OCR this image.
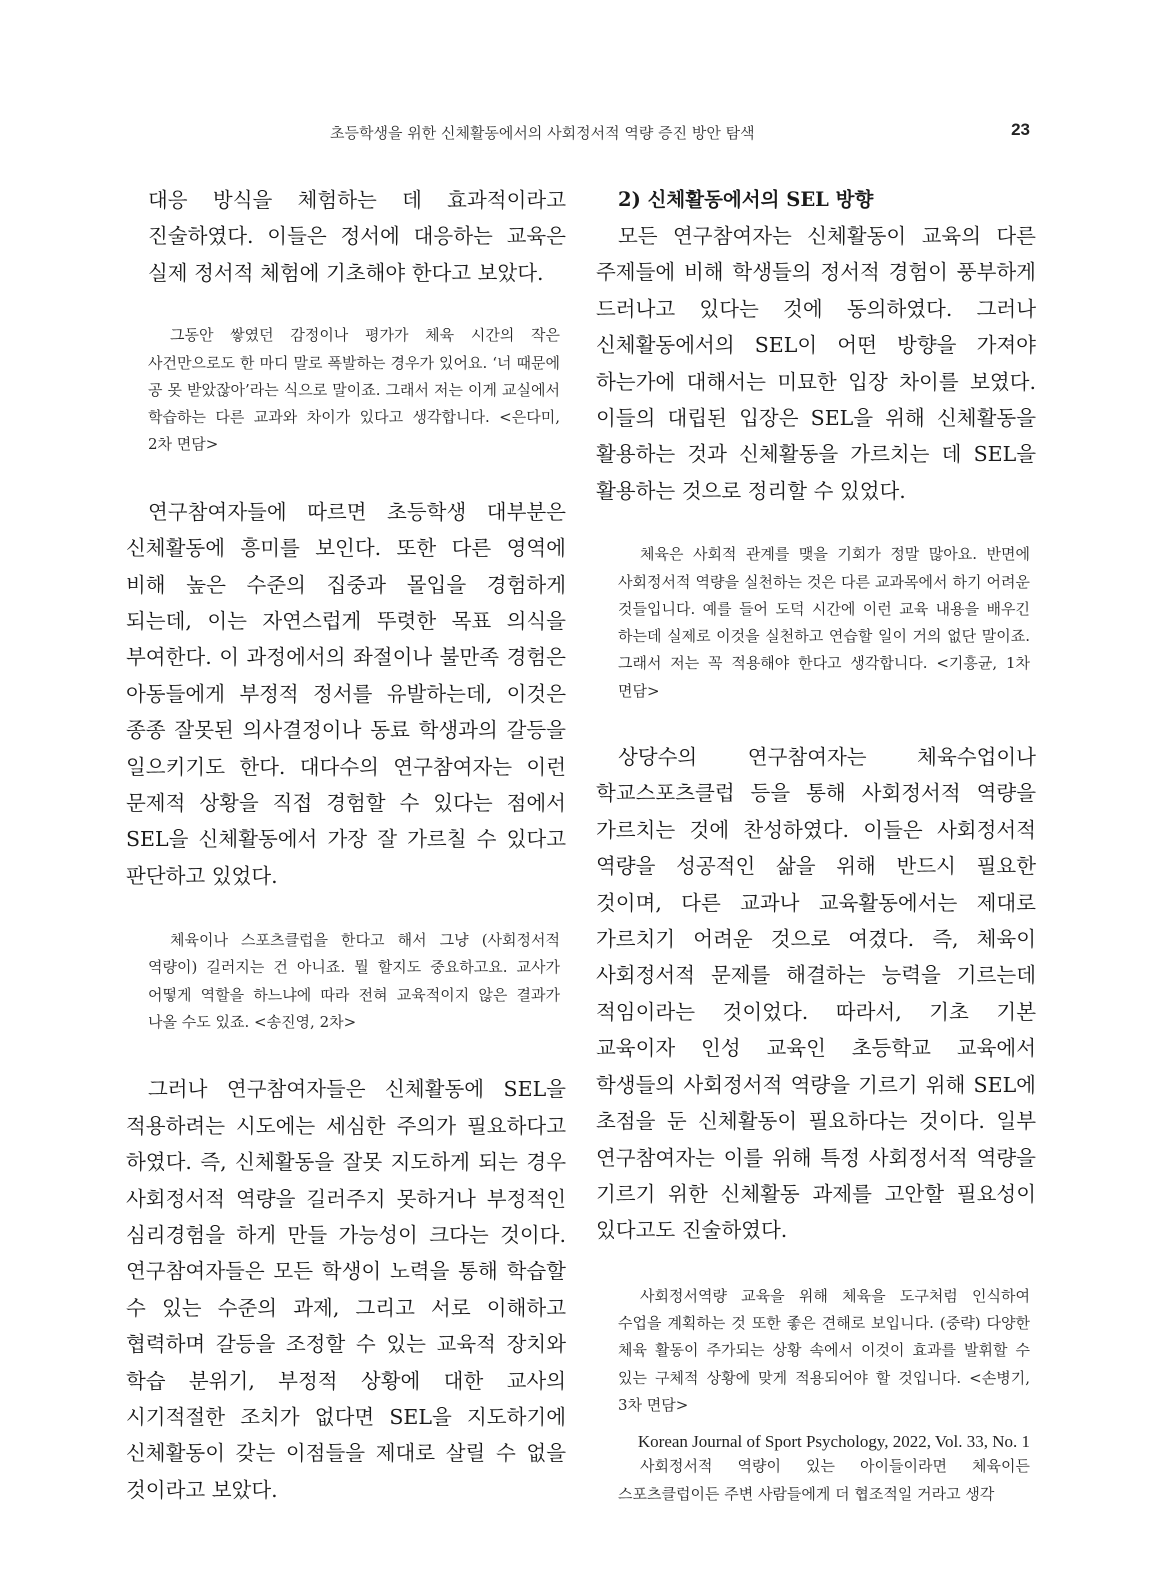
초등학생을 위한 신체활동에서의 사회정서적 역량 증진 방안 탐색	23

대응 방식을 체험하는 데 효과적이라고 진술하였다. 이들은 정서에 대응하는 교육은 실제 정서적 체험에 기초해야 한다고 보았다.

그동안 쌓였던 감정이나 평가가 체육 시간의 작은 사건만으로도 한 마디 말로 폭발하는 경우가 있어요. ‘너 때문에 공 못 받았잖아’라는 식으로 말이죠. 그래서 저는 이게 교실에서 학습하는 다른 교과와 차이가 있다고 생각합니다. <은다미, 2차 면담>

연구참여자들에 따르면 초등학생 대부분은 신체활동에 흥미를 보인다. 또한 다른 영역에 비해 높은 수준의 집중과 몰입을 경험하게 되는데, 이는 자연스럽게 뚜렷한 목표 의식을 부여한다. 이 과정에서의 좌절이나 불만족 경험은 아동들에게 부정적 정서를 유발하는데, 이것은 종종 잘못된 의사결정이나 동료 학생과의 갈등을 일으키기도 한다. 대다수의 연구참여자는 이런 문제적 상황을 직접 경험할 수 있다는 점에서 SEL을 신체활동에서 가장 잘 가르칠 수 있다고 판단하고 있었다.

체육이나 스포츠클럽을 한다고 해서 그냥 (사회정서적 역량이) 길러지는 건 아니죠. 뭘 할지도 중요하고요. 교사가 어떻게 역할을 하느냐에 따라 전혀 교육적이지 않은 결과가 나올 수도 있죠. <송진영, 2차>

그러나 연구참여자들은 신체활동에 SEL을 적용하려는 시도에는 세심한 주의가 필요하다고 하였다. 즉, 신체활동을 잘못 지도하게 되는 경우 사회정서적 역량을 길러주지 못하거나 부정적인 심리경험을 하게 만들 가능성이 크다는 것이다. 연구참여자들은 모든 학생이 노력을 통해 학습할 수 있는 수준의 과제, 그리고 서로 이해하고 협력하며 갈등을 조정할 수 있는 교육적 장치와 학습 분위기, 부정적 상황에 대한 교사의 시기적절한 조치가 없다면 SEL을 지도하기에 신체활동이 갖는 이점들을 제대로 살릴 수 없을 것이라고 보았다.

2) 신체활동에서의 SEL 방향

모든 연구참여자는 신체활동이 교육의 다른 주제들에 비해 학생들의 정서적 경험이 풍부하게 드러나고 있다는 것에 동의하였다. 그러나 신체활동에서의 SEL이 어떤 방향을 가져야 하는가에 대해서는 미묘한 입장 차이를 보였다. 이들의 대립된 입장은 SEL을 위해 신체활동을 활용하는 것과 신체활동을 가르치는 데 SEL을 활용하는 것으로 정리할 수 있었다.

체육은 사회적 관계를 맺을 기회가 정말 많아요. 반면에 사회정서적 역량을 실천하는 것은 다른 교과목에서 하기 어려운 것들입니다. 예를 들어 도덕 시간에 이런 교육 내용을 배우긴 하는데 실제로 이것을 실천하고 연습할 일이 거의 없단 말이죠. 그래서 저는 꼭 적용해야 한다고 생각합니다. <기흥균, 1차 면담>

상당수의 연구참여자는 체육수업이나 학교스포츠클럽 등을 통해 사회정서적 역량을 가르치는 것에 찬성하였다. 이들은 사회정서적 역량을 성공적인 삶을 위해 반드시 필요한 것이며, 다른 교과나 교육활동에서는 제대로 가르치기 어려운 것으로 여겼다. 즉, 체육이 사회정서적 문제를 해결하는 능력을 기르는데 적임이라는 것이었다. 따라서, 기초 기본 교육이자 인성 교육인 초등학교 교육에서 학생들의 사회정서적 역량을 기르기 위해 SEL에 초점을 둔 신체활동이 필요하다는 것이다. 일부 연구참여자는 이를 위해 특정 사회정서적 역량을 기르기 위한 신체활동 과제를 고안할 필요성이 있다고도 진술하였다.

사회정서역량 교육을 위해 체육을 도구처럼 인식하여 수업을 계획하는 것 또한 좋은 견해로 보입니다. (중략) 다양한 체육 활동이 주가되는 상황 속에서 이것이 효과를 발휘할 수 있는 구체적 상황에 맞게 적용되어야 할 것입니다. <손병기, 3차 면담>

사회정서적 역량이 있는 아이들이라면 체육이든 스포츠클럽이든 주변 사람들에게 더 협조적일 거라고 생각

Korean Journal of Sport Psychology, 2022, Vol. 33, No. 1
